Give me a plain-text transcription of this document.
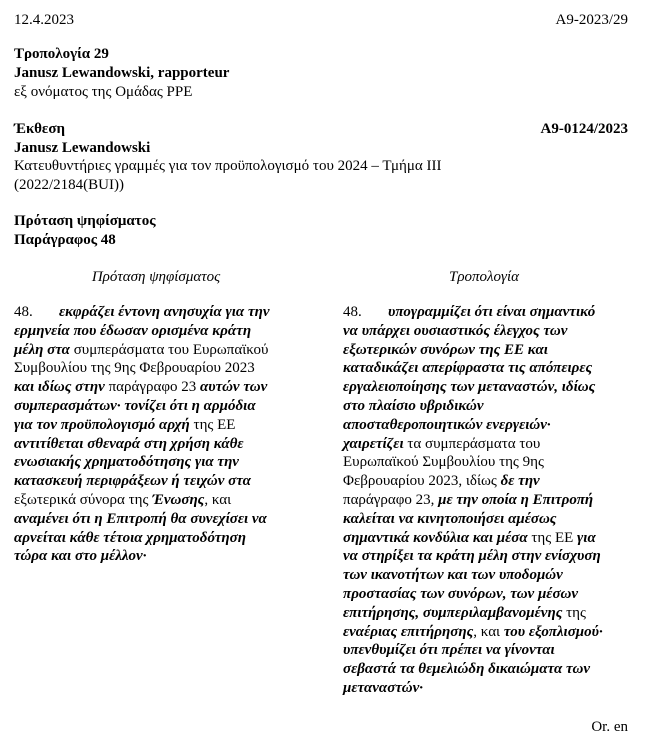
12.4.2023	A9-2023/29
Τροπολογία 29
Janusz Lewandowski, rapporteur
εξ ονόματος της Ομάδας PPE
Έκθεση
Janusz Lewandowski
Κατευθυντήριες γραμμές για τον προϋπολογισμό του 2024 – Τμήμα III
(2022/2184(BUI))
A9-0124/2023
Πρόταση ψηφίσματος
Παράγραφος 48
Πρόταση ψηφίσματος	Τροπολογία
48. εκφράζει έντονη ανησυχία για την
ερμηνεία που έδωσαν ορισμένα κράτη
μέλη στα συμπεράσματα του Ευρωπαϊκού
Συμβουλίου της 9ης Φεβρουαρίου 2023
και ιδίως στην παράγραφο 23 αυτών των
συμπερασμάτων· τονίζει ότι η αρμόδια
για τον προϋπολογισμό αρχή της ΕΕ
αντιτίθεται σθεναρά στη χρήση κάθε
ενωσιακής χρηματοδότησης για την
κατασκευή περιφράξεων ή τειχών στα
εξωτερικά σύνορα της Ένωσης, και
αναμένει ότι η Επιτροπή θα συνεχίσει να
αρνείται κάθε τέτοια χρηματοδότηση
τώρα και στο μέλλον·
48. υπογραμμίζει ότι είναι σημαντικό
να υπάρχει ουσιαστικός έλεγχος των
εξωτερικών συνόρων της ΕΕ και
καταδικάζει απερίφραστα τις απόπειρες
εργαλειοποίησης των μεταναστών, ιδίως
στο πλαίσιο υβριδικών
αποσταθεροποιητικών ενεργειών·
χαιρετίζει τα συμπεράσματα του
Ευρωπαϊκού Συμβουλίου της 9ης
Φεβρουαρίου 2023, ιδίως δε την
παράγραφο 23, με την οποία η Επιτροπή
καλείται να κινητοποιήσει αμέσως
σημαντικά κονδύλια και μέσα της ΕΕ για
να στηρίξει τα κράτη μέλη στην ενίσχυση
των ικανοτήτων και των υποδομών
προστασίας των συνόρων, των μέσων
επιτήρησης, συμπεριλαμβανομένης της
εναέριας επιτήρησης, και του εξοπλισμού·
υπενθυμίζει ότι πρέπει να γίνονται
σεβαστά τα θεμελιώδη δικαιώματα των
μεταναστών·
Or. en
